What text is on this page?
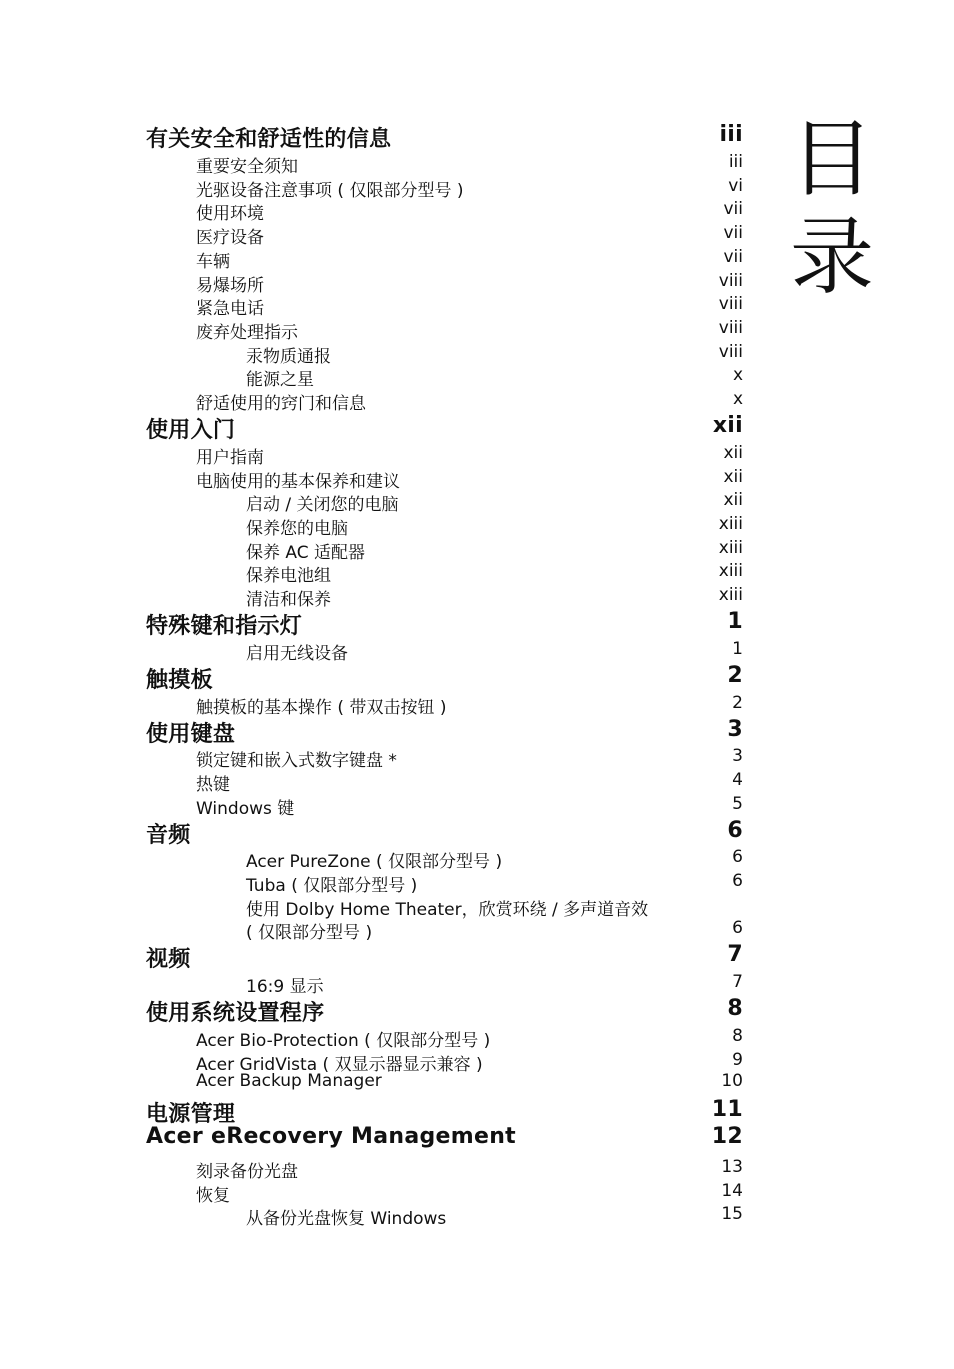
目
录
有关安全和舒适性的信息	iii
重要安全须知	iii
光驱设备注意事项 ( 仅限部分型号 )	vi
使用环境	vii
医疗设备	vii
车辆	vii
易爆场所	viii
紧急电话	viii
废弃处理指示	viii
汞物质通报	viii
能源之星	x
舒适使用的窍门和信息	x
使用入门	xii
用户指南	xii
电脑使用的基本保养和建议	xii
启动 / 关闭您的电脑	xii
保养您的电脑	xiii
保养 AC 适配器	xiii
保养电池组	xiii
清洁和保养	xiii
特殊键和指示灯	1
启用无线设备	1
触摸板	2
触摸板的基本操作 ( 带双击按钮 )	2
使用键盘	3
锁定键和嵌入式数字键盘 *	3
热键	4
Windows 键	5
音频	6
Acer PureZone ( 仅限部分型号 )	6
Tuba ( 仅限部分型号 )	6
使用 Dolby Home Theater，欣赏环绕 / 多声道音效
( 仅限部分型号 )	6
视频	7
16:9 显示	7
使用系统设置程序	8
Acer Bio-Protection ( 仅限部分型号 )	8
Acer GridVista ( 双显示器显示兼容 )	9
Acer Backup Manager	10
电源管理	11
Acer eRecovery Management	12
刻录备份光盘	13
恢复	14
从备份光盘恢复 Windows	15
